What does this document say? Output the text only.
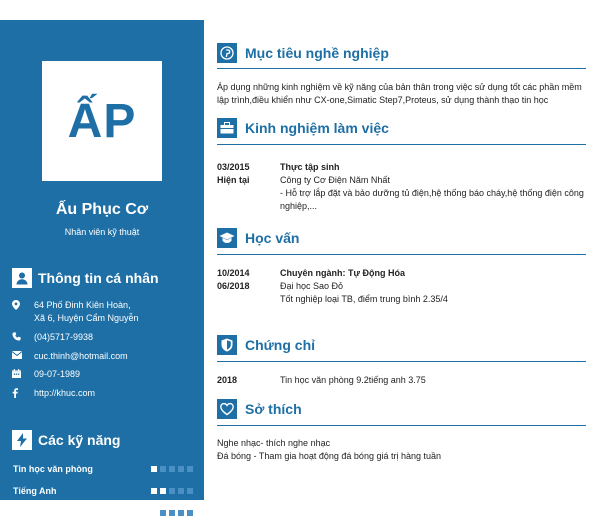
ẤP
Ấu Phục Cơ
Nhân viên kỹ thuật
Thông tin cá nhân
64 Phố Đinh Kiên Hoàn,
Xã 6, Huyện Cẩm Nguyễn
(04)5717-9938
cuc.thinh@hotmail.com
09-07-1989
http://khuc.com
Các kỹ năng
Tin học văn phòng
Tiếng Anh
Phần mềm lập trình
Mục tiêu nghề nghiệp
Áp dụng những kinh nghiệm về kỹ năng của bản thân trong việc sử dụng tốt các phần mềm lập trình,điều khiển như CX-one,Simatic Step7,Proteus, sử dụng thành thạo tin học
Kinh nghiệm làm việc
03/2015
Hiện tại
Thực tập sinh
Công ty Cơ Điện Năm Nhất
- Hỗ trợ lắp đặt và bảo dưỡng tủ điện,hệ thống báo cháy,hệ thống điện công nghiệp,...
Học vấn
10/2014
06/2018
Chuyên ngành: Tự Động Hóa
Đại học Sao Đỏ
Tốt nghiệp loại TB, điểm trung bình 2.35/4
Chứng chỉ
2018	Tin học văn phòng 9.2tiếng anh 3.75
Sở thích
Nghe nhạc- thích nghe nhạc
Đá bóng - Tham gia hoạt động đá bóng giá trị hàng tuần
